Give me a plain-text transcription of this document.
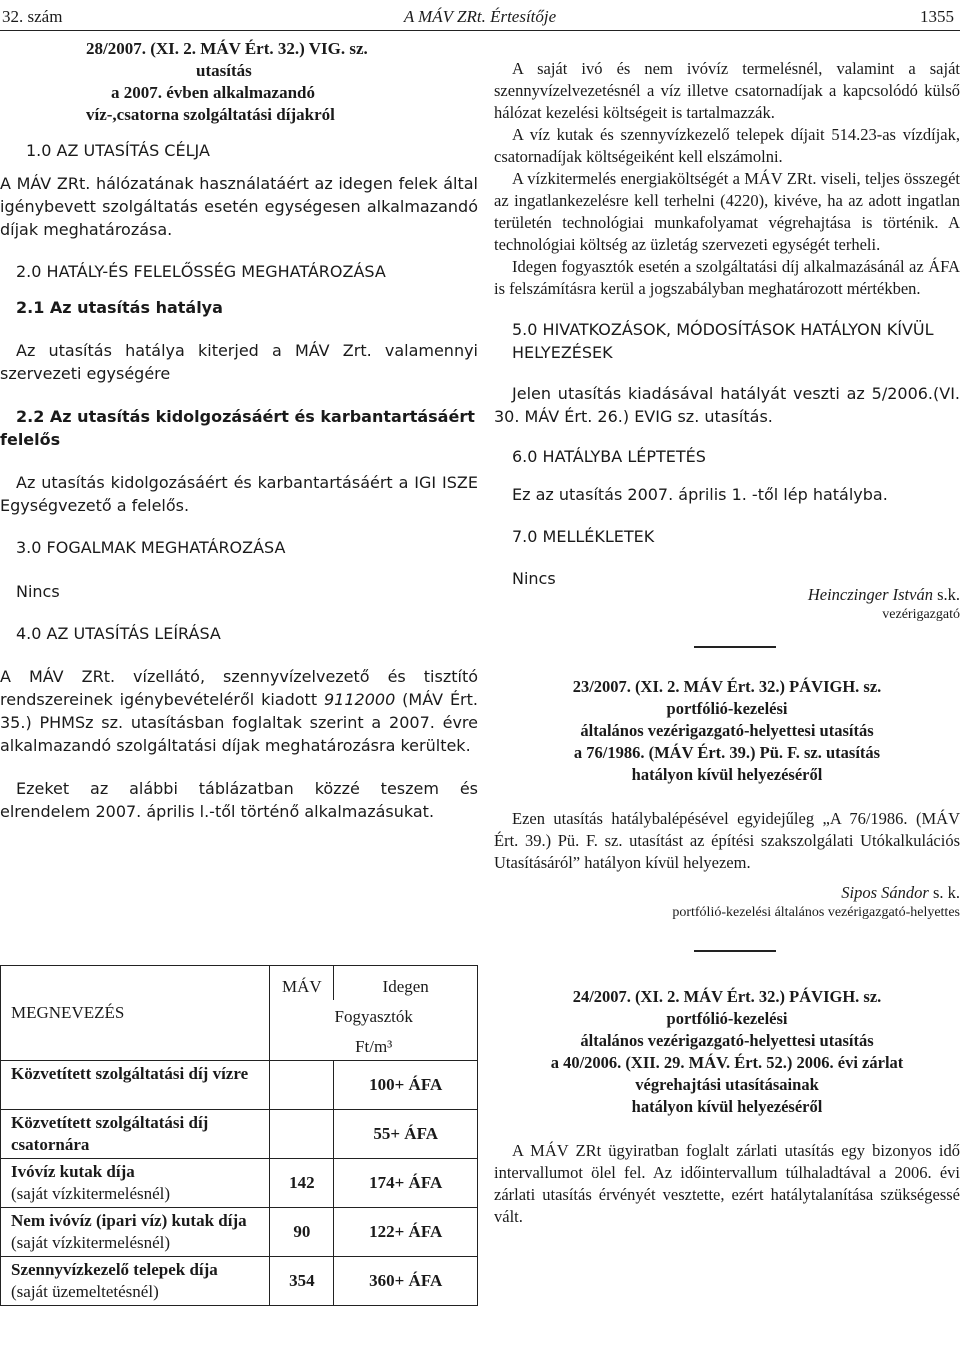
A MÁV ZRt. Értesítője
32. szám	1355
28/2007. (XI. 2. MÁV Ért. 32.) VIG. sz.
utasítás
a 2007. évben alkalmazandó
víz-,csatorna szolgáltatási díjakról

1.0 AZ UTASÍTÁS CÉLJA

A MÁV ZRt. hálózatának használatáért az idegen felek által igénybevett szolgáltatás esetén egységesen alkalmazandó díjak meghatározása.

2.0 HATÁLY-ÉS FELELŐSSÉG MEGHATÁROZÁSA

2.1 Az utasítás hatálya

Az utasítás hatálya kiterjed a MÁV Zrt. valamennyi szervezeti egységére

2.2 Az utasítás kidolgozásáért és karbantartásáért felelős

Az utasítás kidolgozásáért és karbantartásáért a IGI ISZE Egységvezető a felelős.

3.0 FOGALMAK MEGHATÁROZÁSA

Nincs

4.0 AZ UTASÍTÁS LEÍRÁSA

A MÁV ZRt. vízellátó, szennyvízelvezető és tisztító rendszereinek igénybevételéről kiadott 9112000 (MÁV Ért. 35.) PHMSz sz. utasításban foglaltak szerint a 2007. évre alkalmazandó szolgáltatási díjak meghatározásra kerültek.

Ezeket az alábbi táblázatban közzé teszem és elrendelem 2007. április l.-től történő alkalmazásukat.

MEGNEVEZÉS	MÁV	Idegen
	Fogyasztók	
	Ft/m³	

Közvetített szolgáltatási díj vízre		100+ ÁFA

Közvetített szolgáltatási díj csatornára		55+ ÁFA

Ivóvíz kutak díja
(saját vízkitermelésnél)	142	174+ ÁFA
Nem ivóvíz (ipari víz) kutak díja (saját vízkitermelésnél)	90	122+ ÁFA

Szennyvízkezelő telepek díja
(saját üzemeltetésnél)	354	360+ ÁFA

A saját ivó és nem ivóvíz termelésnél, valamint a saját szennyvízelvezetésnél a víz illetve csatornadíjak a kapcsolódó külső hálózat kezelési költségeit is tartalmazzák.

A víz kutak és szennyvízkezelő telepek díjait 514.23-as vízdíjak, csatornadíjak költségeiként kell elszámolni.

A vízkitermelés energiaköltségét a MÁV ZRt. viseli, teljes összegét az ingatlankezelésre kell terhelni (4220), kivéve, ha az adott ingatlan területén technológiai munkafolyamat végrehajtása is történik. A technológiai költség az üzletág szervezeti egységét terheli.

Idegen fogyasztók esetén a szolgáltatási díj alkalmazásánál az ÁFA is felszámításra kerül a jogszabályban meghatározott mértékben.

5.0 HIVATKOZÁSOK, MÓDOSÍTÁSOK HATÁLYON KÍVÜL HELYEZÉSEK

Jelen utasítás kiadásával hatályát veszti az 5/2006.(VI. 30. MÁV Ért. 26.) EVIG sz. utasítás.

6.0 HATÁLYBA LÉPTETÉS

Ez az utasítás 2007. április 1. -től lép hatályba.

7.0 MELLÉKLETEK

Nincs

Heinczinger István s.k.

vezérigazgató

23/2007. (XI. 2. MÁV Ért. 32.) PÁVIGH. sz.
portfólió-kezelési
általános vezérigazgató-helyettesi utasítás
a 76/1986. (MÁV Ért. 39.) Pü. F. sz. utasítás
hatályon kívül helyezéséről

Ezen utasítás hatálybalépésével egyidejűleg „A 76/1986. (MÁV Ért. 39.) Pü. F. sz. utasítást az építési szakszolgálati Utókalkulációs Utasításáról” hatályon kívül helyezem.

Sipos Sándor s. k.

portfólió-kezelési általános vezérigazgató-helyettes

24/2007. (XI. 2. MÁV Ért. 32.) PÁVIGH. sz.
portfólió-kezelési
általános vezérigazgató-helyettesi utasítás
a 40/2006. (XII. 29. MÁV. Ért. 52.) 2006. évi zárlat
végrehajtási utasításainak
hatályon kívül helyezéséről

A MÁV ZRt ügyiratban foglalt zárlati utasítás egy bizonyos idő intervallumot ölel fel. Az időintervallum túlhaladtával a 2006. évi zárlati utasítás érvényét vesztette, ezért hatálytalanítása szükségessé vált.
